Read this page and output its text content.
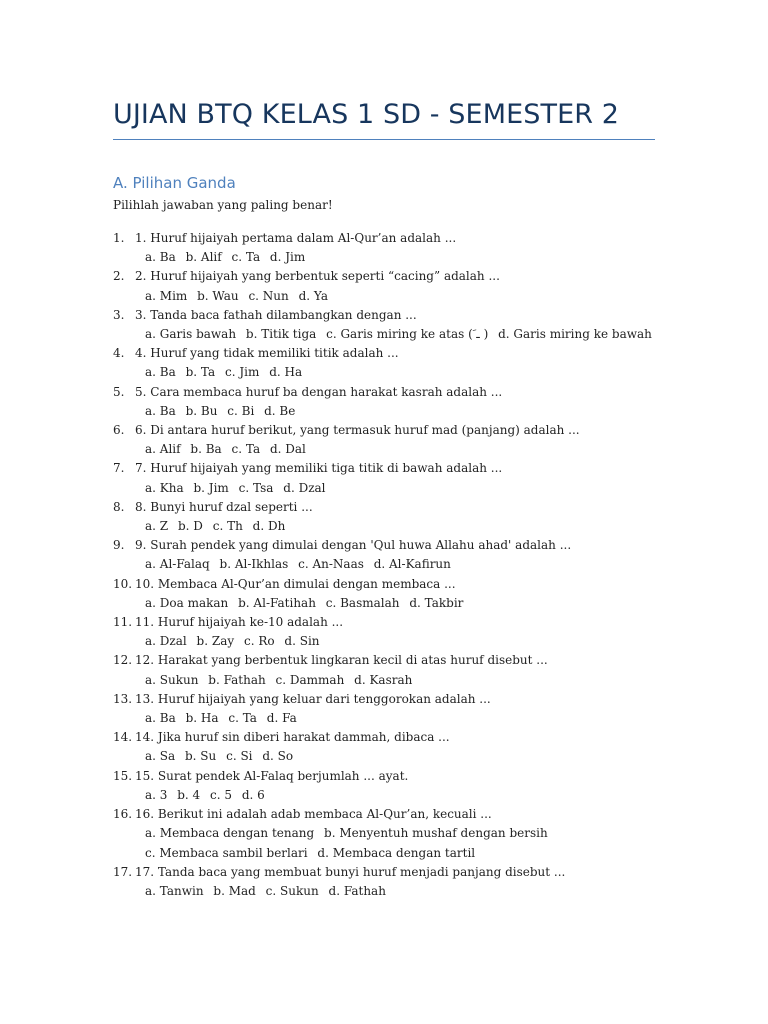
UJIAN BTQ KELAS 1 SD - SEMESTER 2
A. Pilihan Ganda

Pilihlah jawaban yang paling benar!

1. 1. Huruf hijaiyah pertama dalam Al-Qur’an adalah ...
a. Ba b. Alif c. Ta d. Jim
2. 2. Huruf hijaiyah yang berbentuk seperti “cacing” adalah ...
a. Mim b. Wau c. Nun d. Ya
3. 3. Tanda baca fathah dilambangkan dengan ...
a. Garis bawah b. Titik tiga c. Garis miring ke atas ( َـ ) d. Garis miring ke bawah
4. 4. Huruf yang tidak memiliki titik adalah ...
a. Ba b. Ta c. Jim d. Ha
5. 5. Cara membaca huruf ba dengan harakat kasrah adalah ...
a. Ba b. Bu c. Bi d. Be
6. 6. Di antara huruf berikut, yang termasuk huruf mad (panjang) adalah ...
a. Alif b. Ba c. Ta d. Dal
7. 7. Huruf hijaiyah yang memiliki tiga titik di bawah adalah ...
a. Kha b. Jim c. Tsa d. Dzal
8. 8. Bunyi huruf dzal seperti ...
a. Z b. D c. Th d. Dh
9. 9. Surah pendek yang dimulai dengan 'Qul huwa Allahu ahad' adalah ...
a. Al-Falaq b. Al-Ikhlas c. An-Naas d. Al-Kafirun
10. 10. Membaca Al-Qur’an dimulai dengan membaca ...
a. Doa makan b. Al-Fatihah c. Basmalah d. Takbir
11. 11. Huruf hijaiyah ke-10 adalah ...
a. Dzal b. Zay c. Ro d. Sin
12. 12. Harakat yang berbentuk lingkaran kecil di atas huruf disebut ...
a. Sukun b. Fathah c. Dammah d. Kasrah
13. 13. Huruf hijaiyah yang keluar dari tenggorokan adalah ...
a. Ba b. Ha c. Ta d. Fa
14. 14. Jika huruf sin diberi harakat dammah, dibaca ...
a. Sa b. Su c. Si d. So
15. 15. Surat pendek Al-Falaq berjumlah ... ayat.
a. 3 b. 4 c. 5 d. 6
16. 16. Berikut ini adalah adab membaca Al-Qur’an, kecuali ...
a. Membaca dengan tenang b. Menyentuh mushaf dengan bersih c. Membaca sambil berlari d. Membaca dengan tartil
17. 17. Tanda baca yang membuat bunyi huruf menjadi panjang disebut ...
a. Tanwin b. Mad c. Sukun d. Fathah
